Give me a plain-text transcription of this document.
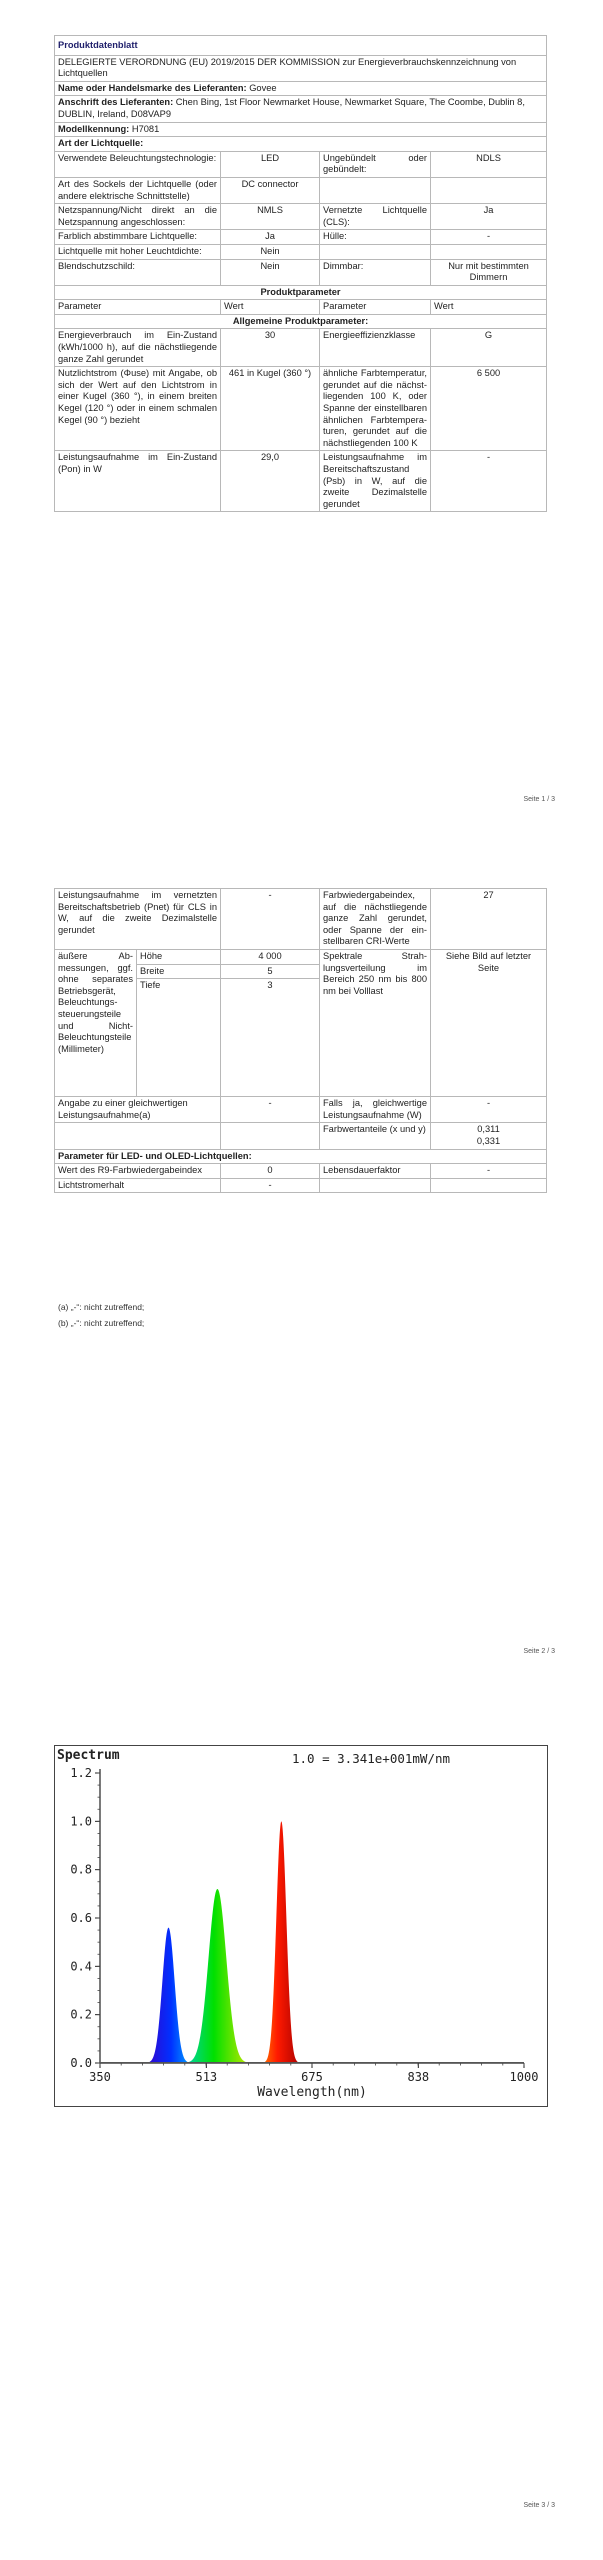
Produktdatenblatt			
DELEGIERTE VERORDNUNG (EU) 2019/2015 DER KOMMISSION zur Energieverbrauchskennzeichnung von Lichtquellen			
Name oder Handelsmarke des Lieferanten: Govee			
Anschrift des Lieferanten: Chen Bing, 1st Floor Newmarket House, Newmarket Square, The Coombe, Dublin 8, DUBLIN, Ireland, D08VAP9			
Modellkennung: H7081			
Art der Lichtquelle:			
Verwendete Beleuchtungstechnologie:	LED	Ungebündelt oder gebündelt:	NDLS
Art des Sockels der Lichtquelle (oder andere elektrische Schnittstelle)	DC connector		
Netzspannung/Nicht direkt an die Netzspannung angeschlossen:	NMLS	Vernetzte Lichtquelle (CLS):	Ja
Farblich abstimmbare Lichtquelle:	Ja	Hülle:	-
Lichtquelle mit hoher Leuchtdichte:	Nein		
Blendschutzschild:	Nein	Dimmbar:	Nur mit bestimmten Dimmern
Produktparameter			
Parameter	Wert	Parameter	Wert
Allgemeine Produktparameter:			
Energieverbrauch im Ein-Zustand (kWh/1000 h), auf die nächstliegende ganze Zahl gerundet	30	Energieeffizienzklasse	G
Nutzlichtstrom (Φuse) mit Angabe, ob sich der Wert auf den Lichtstrom in einer Kugel (360 °), in einem breiten Kegel (120 °) oder in einem schmalen Kegel (90 °) bezieht	461 in Kugel (360 °)	ähnliche Farbtemperatur, gerundet auf die nächstliegenden 100 K, oder Spanne der einstellbaren ähnlichen Farbtemperaturen, gerundet auf die nächstliegenden 100 K	6 500
Leistungsaufnahme im Ein-Zustand (Pon) in W	29,0	Leistungsaufnahme im Bereitschaftszustand (Psb) in W, auf die zweite Dezimalstelle gerundet	-
Seite 1 / 3
Leistungsaufnahme im vernetzten Bereitschaftsbetrieb (Pnet) für CLS in W, auf die zweite Dezimalstelle gerundet		-	Farbwiedergabeindex, auf die nächstliegende ganze Zahl gerundet, oder Spanne der einstellbaren CRI-Werte	27
äußere Abmessungen, ggf. ohne separates Betriebsgerät, Beleuchtungssteuerungsteile und Nicht-Beleuchtungsteile (Millimeter)	Höhe	4 000	Spektrale Strahlungsverteilung im Bereich 250 nm bis 800 nm bei Volllast	Siehe Bild auf letzter Seite
	Breite	5		
	Tiefe	3		
Angabe zu einer gleichwertigen Leistungsaufnahme(a)		-	Falls ja, gleichwertige Leistungsaufnahme (W)	-
			Farbwertanteile (x und y)	0,311
0,331

Parameter für LED- und OLED-Lichtquellen:				
Wert des R9-Farbwiedergabeindex		0	Lebensdauerfaktor	-
Lichtstromerhalt		-		
(a) „-“: nicht zutreffend;
(b) „-“: nicht zutreffend;
Seite 2 / 3
Seite 3 / 3
Spectrum	1.0 = 3.341e+001mW/nm
0.0
0.2
0.4
0.6
0.8
1.0
1.2
350	513	675	838	1000
Wavelength(nm)
